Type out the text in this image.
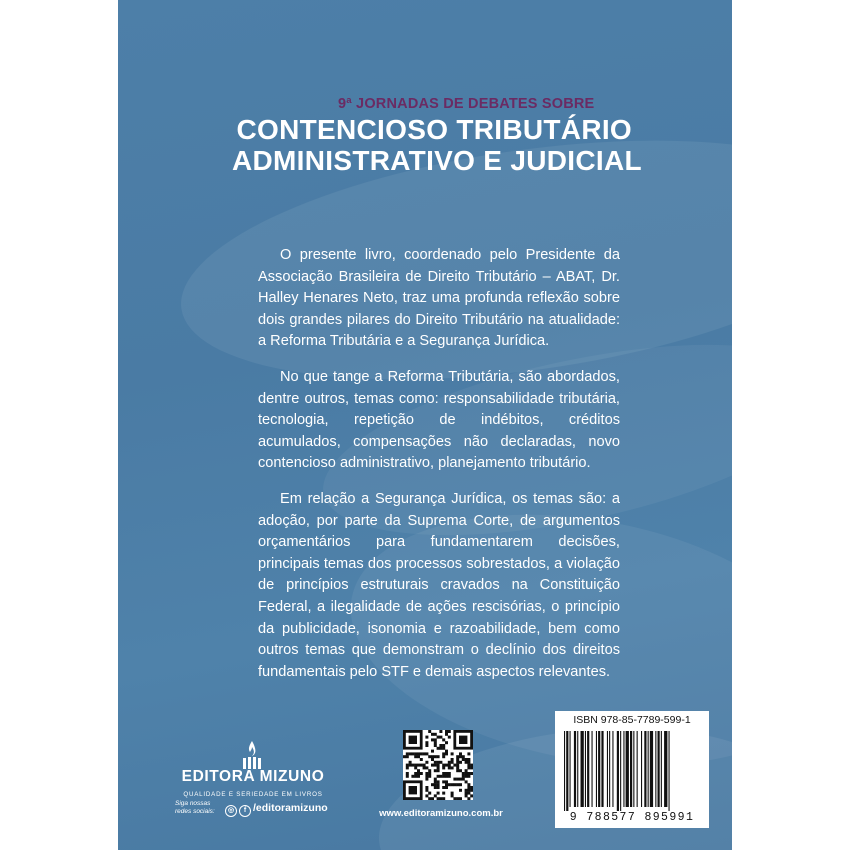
9ª JORNADAS DE DEBATES SOBRE
CONTENCIOSO TRIBUTÁRIO
ADMINISTRATIVO E JUDICIAL

O presente livro, coordenado pelo Presidente da Associação Brasileira de Direito Tributário – ABAT, Dr. Halley Henares Neto, traz uma profunda reflexão sobre dois grandes pilares do Direito Tributário na atualidade: a Reforma Tributária e a Segurança Jurídica.

No que tange a Reforma Tributária, são abordados, dentre outros, temas como: responsabilidade tributária, tecnologia, repetição de indébitos, créditos acumulados, compensações não declaradas, novo contencioso administrativo, planejamento tributário.

Em relação a Segurança Jurídica, os temas são: a adoção, por parte da Suprema Corte, de argumentos orçamentários para fundamentarem decisões, principais temas dos processos sobrestados, a violação de princípios estruturais cravados na Constituição Federal, a ilegalidade de ações rescisórias, o princípio da publicidade, isonomia e razoabilidade, bem como outros temas que demonstram o declínio dos direitos fundamentais pelo STF e demais aspectos relevantes.

EDITORA MIZUNO
QUALIDADE E SERIEDADE EM LIVROS
Siga nossas redes sociais:	◎ f /editoramizuno	www.editoramizuno.com.br
ISBN 978-85-7789-599-1
9 788577 895991
